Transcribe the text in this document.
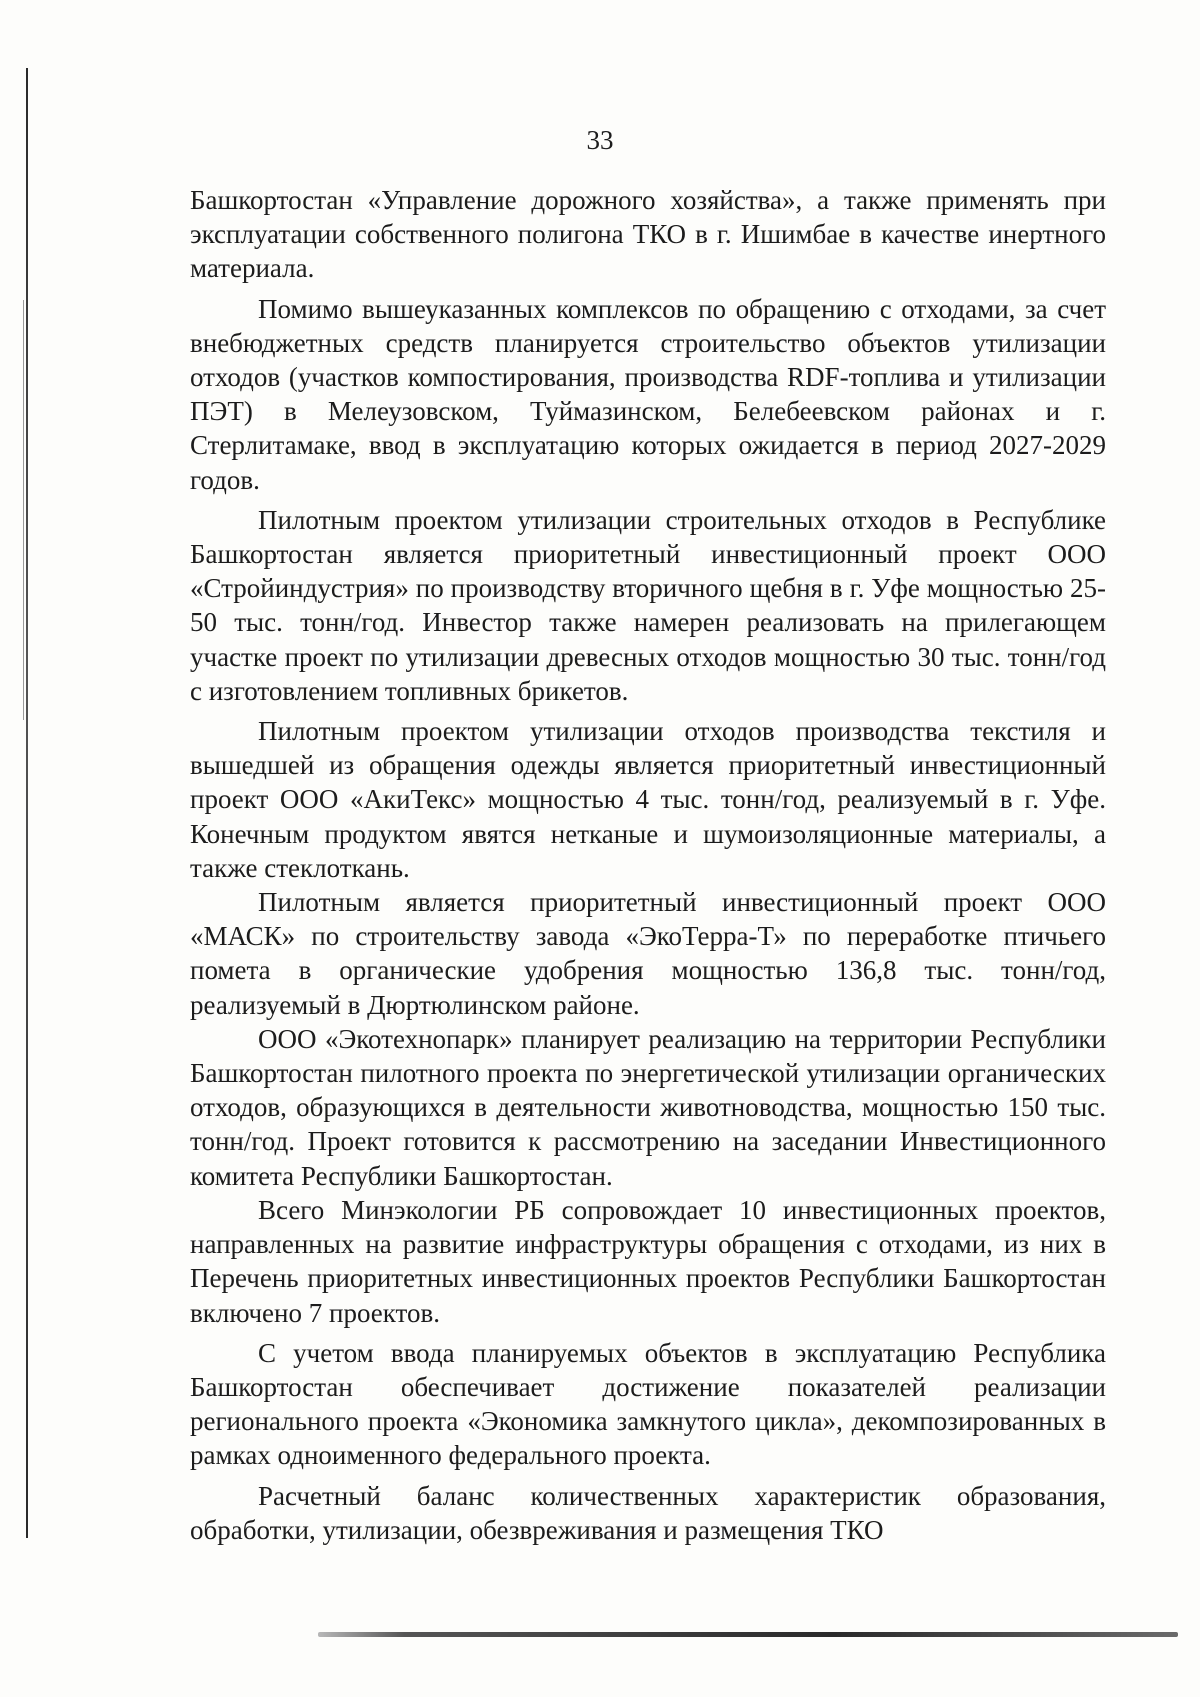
33

Башкортостан «Управление дорожного хозяйства», а также применять при эксплуатации собственного полигона ТКО в г. Ишимбае в качестве инертного материала.

Помимо вышеуказанных комплексов по обращению с отходами, за счет внебюджетных средств планируется строительство объектов утилизации отходов (участков компостирования, производства RDF-топлива и утилизации ПЭТ) в Мелеузовском, Туймазинском, Белебеевском районах и г. Стерлитамаке, ввод в эксплуатацию которых ожидается в период 2027-2029 годов.

Пилотным проектом утилизации строительных отходов в Республике Башкортостан является приоритетный инвестиционный проект ООО «Стройиндустрия» по производству вторичного щебня в г. Уфе мощностью 25-50 тыс. тонн/год. Инвестор также намерен реализовать на прилегающем участке проект по утилизации древесных отходов мощностью 30 тыс. тонн/год с изготовлением топливных брикетов.

Пилотным проектом утилизации отходов производства текстиля и вышедшей из обращения одежды является приоритетный инвестиционный проект ООО «АкиТекс» мощностью 4 тыс. тонн/год, реализуемый в г. Уфе. Конечным продуктом явятся нетканые и шумоизоляционные материалы, а также стеклоткань.

Пилотным является приоритетный инвестиционный проект ООО «МАСК» по строительству завода «ЭкоТерра-Т» по переработке птичьего помета в органические удобрения мощностью 136,8 тыс. тонн/год, реализуемый в Дюртюлинском районе.

ООО «Экотехнопарк» планирует реализацию на территории Республики Башкортостан пилотного проекта по энергетической утилизации органических отходов, образующихся в деятельности животноводства, мощностью 150 тыс. тонн/год. Проект готовится к рассмотрению на заседании Инвестиционного комитета Республики Башкортостан.

Всего Минэкологии РБ сопровождает 10 инвестиционных проектов, направленных на развитие инфраструктуры обращения с отходами, из них в Перечень приоритетных инвестиционных проектов Республики Башкортостан включено 7 проектов.

С учетом ввода планируемых объектов в эксплуатацию Республика Башкортостан обеспечивает достижение показателей реализации регионального проекта «Экономика замкнутого цикла», декомпозированных в рамках одноименного федерального проекта.

Расчетный баланс количественных характеристик образования, обработки, утилизации, обезвреживания и размещения ТКО
